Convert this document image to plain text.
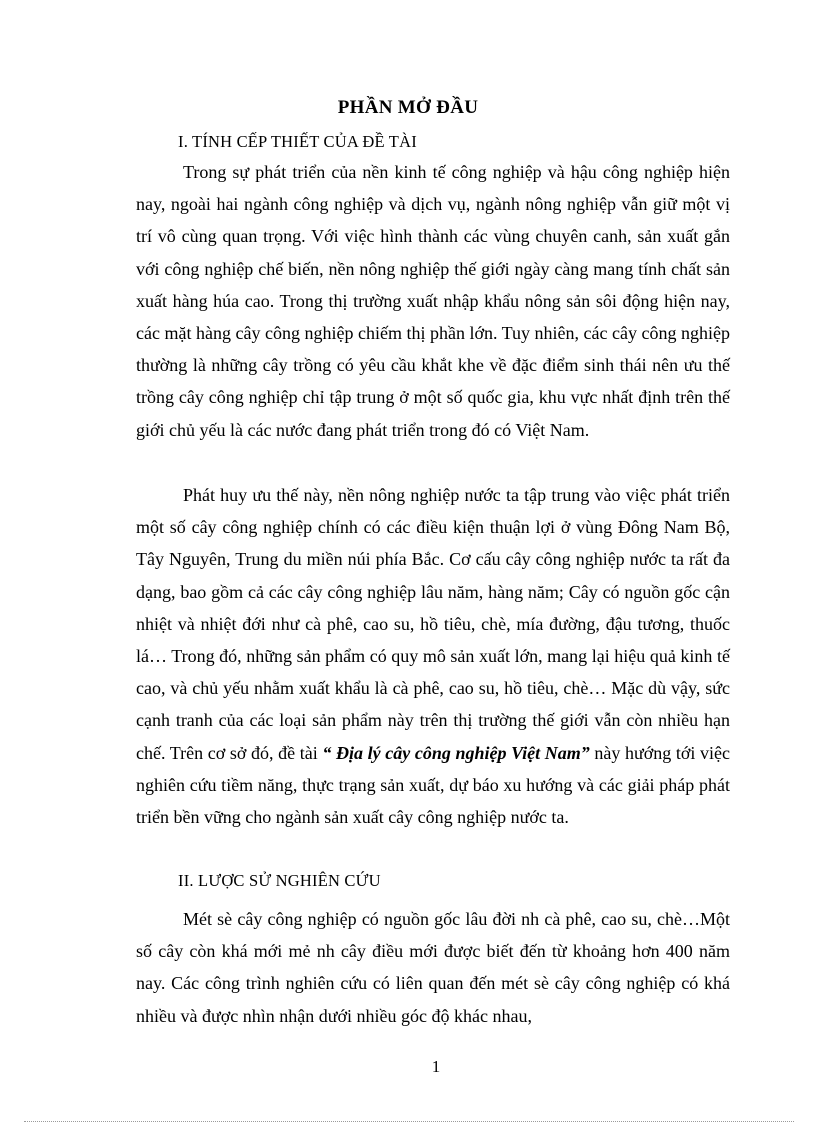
PHẦN MỞ ĐẦU
I. TÍNH CẾP THIẾT CỦA ĐỀ TÀI

Trong sự phát triển của nền kinh tế công nghiệp và hậu công nghiệp hiện nay, ngoài hai ngành công nghiệp và dịch vụ, ngành nông nghiệp vẫn giữ một vị trí vô cùng quan trọng. Với việc hình thành các vùng chuyên canh, sản xuất gắn với công nghiệp chế biến, nền nông nghiệp thế giới ngày càng mang tính chất sản xuất hàng húa cao. Trong thị trường xuất nhập khẩu nông sản sôi động hiện nay, các mặt hàng cây công nghiệp chiếm thị phần lớn. Tuy nhiên, các cây công nghiệp thường là những cây trồng có yêu cầu khắt khe về đặc điểm sinh thái nên ưu thế trồng cây công nghiệp chỉ tập trung ở một số quốc gia, khu vực nhất định trên thế giới chủ yếu là các nước đang phát triển trong đó có Việt Nam.

Phát huy ưu thế này, nền nông nghiệp nước ta tập trung vào việc phát triển một số cây công nghiệp chính có các điều kiện thuận lợi ở vùng Đông Nam Bộ, Tây Nguyên, Trung du miền núi phía Bắc. Cơ cấu cây công nghiệp nước ta rất đa dạng, bao gồm cả các cây công nghiệp lâu năm, hàng năm; Cây có nguồn gốc cận nhiệt và nhiệt đới như cà phê, cao su, hồ tiêu, chè, mía đường, đậu tương, thuốc lá… Trong đó, những sản phẩm có quy mô sản xuất lớn, mang lại hiệu quả kinh tế cao, và chủ yếu nhằm xuất khẩu là cà phê, cao su, hồ tiêu, chè… Mặc dù vậy, sức cạnh tranh của các loại sản phẩm này trên thị trường thế giới vẫn còn nhiều hạn chế. Trên cơ sở đó, đề tài “ Địa lý cây công nghiệp Việt Nam” này hướng tới việc nghiên cứu tiềm năng, thực trạng sản xuất, dự báo xu hướng và các giải pháp phát triển bền vững cho ngành sản xuất cây công nghiệp nước ta.

II. LƯỢC SỬ NGHIÊN CỨU

Mét sè cây công nghiệp có nguồn gốc lâu đời nh cà phê, cao su, chè…Một số cây còn khá mới mẻ nh cây điều mới được biết đến từ khoảng hơn 400 năm nay. Các công trình nghiên cứu có liên quan đến mét sè cây công nghiệp có khá nhiều và được nhìn nhận dưới nhiều góc độ khác nhau,

1
